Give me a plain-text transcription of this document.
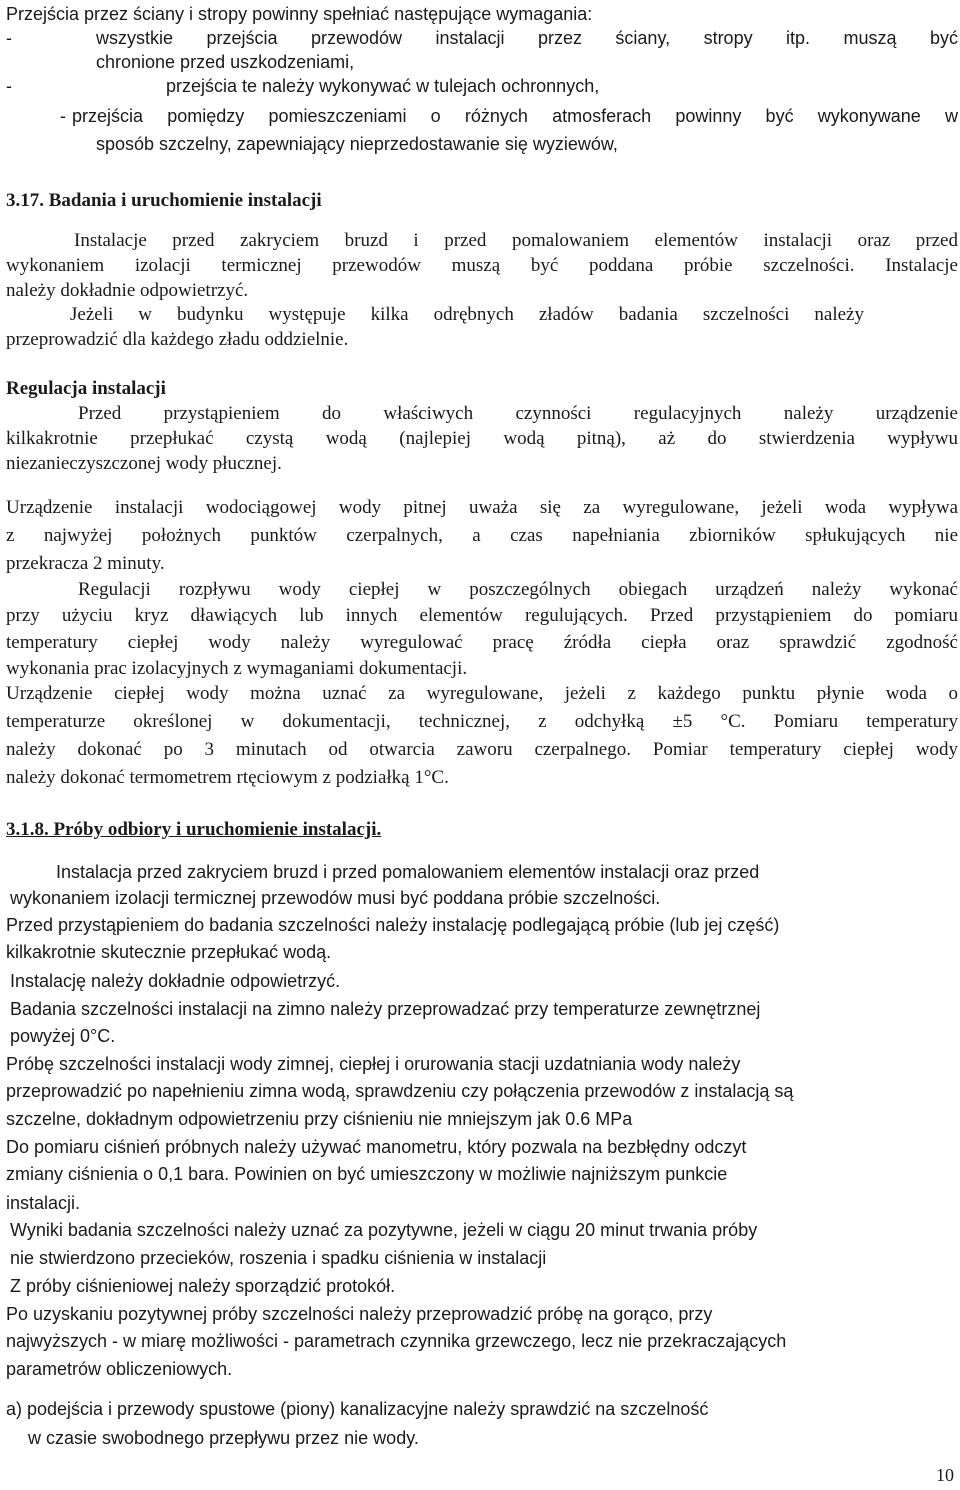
Przejścia przez ściany i stropy powinny spełniać następujące wymagania:
-	wszystkie przejścia przewodów instalacji przez ściany, stropy itp. muszą być
chronione przed uszkodzeniami,
-	przejścia te należy wykonywać w tulejach ochronnych,
- przejścia pomiędzy pomieszczeniami o różnych atmosferach powinny być wykonywane w
sposób szczelny, zapewniający nieprzedostawanie się wyziewów,
3.17. Badania i uruchomienie instalacji
Instalacje przed zakryciem bruzd i przed pomalowaniem elementów instalacji oraz przed
wykonaniem izolacji termicznej przewodów muszą być poddana próbie szczelności. Instalacje
należy dokładnie odpowietrzyć.
Jeżeli w budynku występuje kilka odrębnych zładów badania szczelności należy
przeprowadzić dla każdego zładu oddzielnie.
Regulacja instalacji
Przed przystąpieniem do właściwych czynności regulacyjnych należy urządzenie
kilkakrotnie przepłukać czystą wodą (najlepiej wodą pitną), aż do stwierdzenia wypływu
niezanieczyszczonej wody płucznej.
Urządzenie instalacji wodociągowej wody pitnej uważa się za wyregulowane, jeżeli woda wypływa
z najwyżej położnych punktów czerpalnych, a czas napełniania zbiorników spłukujących nie
przekracza 2 minuty.
Regulacji rozpływu wody ciepłej w poszczególnych obiegach urządzeń należy wykonać
przy użyciu kryz dławiących lub innych elementów regulujących. Przed przystąpieniem do pomiaru
temperatury ciepłej wody należy wyregulować pracę źródła ciepła oraz sprawdzić zgodność
wykonania prac izolacyjnych z wymaganiami dokumentacji.
Urządzenie ciepłej wody można uznać za wyregulowane, jeżeli z każdego punktu płynie woda o
temperaturze określonej w dokumentacji, technicznej, z odchyłką ±5 °C. Pomiaru temperatury
należy dokonać po 3 minutach od otwarcia zaworu czerpalnego. Pomiar temperatury ciepłej wody
należy dokonać termometrem rtęciowym z podziałką 1°C.
3.1.8. Próby odbiory i uruchomienie instalacji.
Instalacja przed zakryciem bruzd i przed pomalowaniem elementów instalacji oraz przed
wykonaniem izolacji termicznej przewodów musi być poddana próbie szczelności.
Przed przystąpieniem do badania szczelności należy instalację podlegającą próbie (lub jej część)
kilkakrotnie skutecznie przepłukać wodą.
Instalację należy dokładnie odpowietrzyć.
Badania szczelności instalacji na zimno należy przeprowadzać przy temperaturze zewnętrznej
powyżej 0°C.
Próbę szczelności instalacji wody zimnej, ciepłej i orurowania stacji uzdatniania wody należy
przeprowadzić po napełnieniu zimna wodą, sprawdzeniu czy połączenia przewodów z instalacją są
szczelne, dokładnym odpowietrzeniu przy ciśnieniu nie mniejszym jak 0.6 MPa
Do pomiaru ciśnień próbnych należy używać manometru, który pozwala na bezbłędny odczyt
zmiany ciśnienia o 0,1 bara. Powinien on być umieszczony w możliwie najniższym punkcie
instalacji.
Wyniki badania szczelności należy uznać za pozytywne, jeżeli w ciągu 20 minut trwania próby
nie stwierdzono przecieków, roszenia i spadku ciśnienia w instalacji
Z próby ciśnieniowej należy sporządzić protokół.
Po uzyskaniu pozytywnej próby szczelności należy przeprowadzić próbę na gorąco, przy
najwyższych - w miarę możliwości - parametrach czynnika grzewczego, lecz nie przekraczających
parametrów obliczeniowych.
a) podejścia i przewody spustowe (piony) kanalizacyjne należy sprawdzić na szczelność
w czasie swobodnego przepływu przez nie wody.
10
